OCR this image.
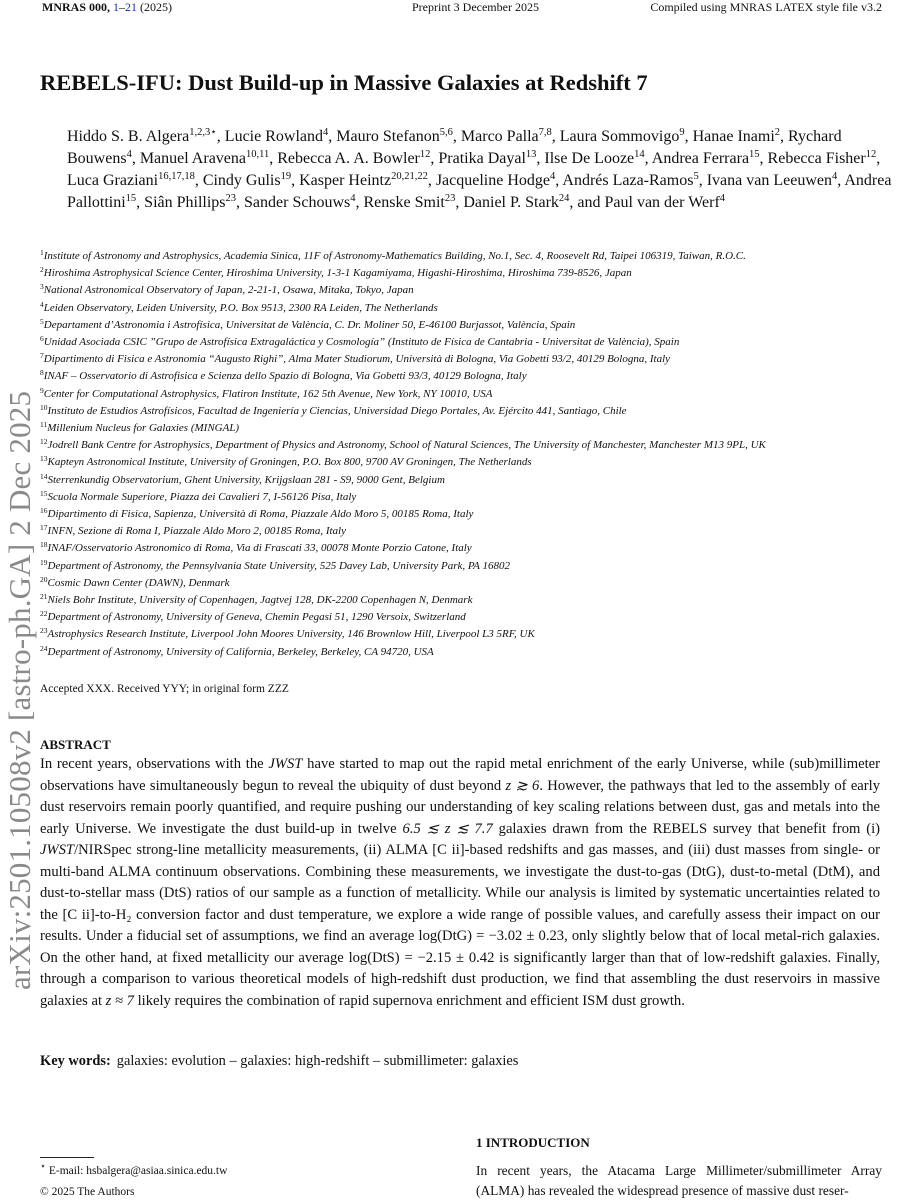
MNRAS 000, 1–21 (2025)	Preprint 3 December 2025	Compiled using MNRAS LATEX style file v3.2
arXiv:2501.10508v2 [astro-ph.GA] 2 Dec 2025
REBELS-IFU: Dust Build-up in Massive Galaxies at Redshift 7
Hiddo S. B. Algera$^{1,2,3⋆}$, Lucie Rowland$^4$, Mauro Stefanon$^{5,6}$, Marco Palla$^{7,8}$, Laura Sommovigo$^9$, Hanae Inami$^2$, Rychard Bouwens$^4$, Manuel Aravena$^{10,11}$, Rebecca A. A. Bowler$^{12}$, Pratika Dayal$^{13}$, Ilse De Looze$^{14}$, Andrea Ferrara$^{15}$, Rebecca Fisher$^{12}$, Luca Graziani$^{16,17,18}$, Cindy Gulis$^{19}$, Kasper Heintz$^{20,21,22}$, Jacqueline Hodge$^4$, Andrés Laza-Ramos$^5$, Ivana van Leeuwen$^4$, Andrea Pallottini$^{15}$, Siân Phillips$^{23}$, Sander Schouws$^4$, Renske Smit$^{23}$, Daniel P. Stark$^{24}$, and Paul van der Werf$^4$
$^1$Institute of Astronomy and Astrophysics, Academia Sinica, 11F of Astronomy-Mathematics Building, No.1, Sec. 4, Roosevelt Rd, Taipei 106319, Taiwan, R.O.C.
$^2$Hiroshima Astrophysical Science Center, Hiroshima University, 1-3-1 Kagamiyama, Higashi-Hiroshima, Hiroshima 739-8526, Japan
$^3$National Astronomical Observatory of Japan, 2-21-1, Osawa, Mitaka, Tokyo, Japan
$^4$Leiden Observatory, Leiden University, P.O. Box 9513, 2300 RA Leiden, The Netherlands
$^5$Departament d’Astronomia i Astrofísica, Universitat de València, C. Dr. Moliner 50, E-46100 Burjassot, València, Spain
$^6$Unidad Asociada CSIC ”Grupo de Astrofísica Extragaláctica y Cosmología” (Instituto de Física de Cantabria - Universitat de València), Spain
$^7$Dipartimento di Fisica e Astronomia “Augusto Righi”, Alma Mater Studiorum, Università di Bologna, Via Gobetti 93/2, 40129 Bologna, Italy
$^8$INAF – Osservatorio di Astrofisica e Scienza dello Spazio di Bologna, Via Gobetti 93/3, 40129 Bologna, Italy
$^9$Center for Computational Astrophysics, Flatiron Institute, 162 5th Avenue, New York, NY 10010, USA
$^{10}$Instituto de Estudios Astrofísicos, Facultad de Ingeniería y Ciencias, Universidad Diego Portales, Av. Ejército 441, Santiago, Chile
$^{11}$Millenium Nucleus for Galaxies (MINGAL)
$^{12}$Jodrell Bank Centre for Astrophysics, Department of Physics and Astronomy, School of Natural Sciences, The University of Manchester, Manchester M13 9PL, UK
$^{13}$Kapteyn Astronomical Institute, University of Groningen, P.O. Box 800, 9700 AV Groningen, The Netherlands
$^{14}$Sterrenkundig Observatorium, Ghent University, Krijgslaan 281 - S9, 9000 Gent, Belgium
$^{15}$Scuola Normale Superiore, Piazza dei Cavalieri 7, I-56126 Pisa, Italy
$^{16}$Dipartimento di Fisica, Sapienza, Università di Roma, Piazzale Aldo Moro 5, 00185 Roma, Italy
$^{17}$INFN, Sezione di Roma I, Piazzale Aldo Moro 2, 00185 Roma, Italy
$^{18}$INAF/Osservatorio Astronomico di Roma, Via di Frascati 33, 00078 Monte Porzio Catone, Italy
$^{19}$Department of Astronomy, the Pennsylvania State University, 525 Davey Lab, University Park, PA 16802
$^{20}$Cosmic Dawn Center (DAWN), Denmark
$^{21}$Niels Bohr Institute, University of Copenhagen, Jagtvej 128, DK-2200 Copenhagen N, Denmark
$^{22}$Department of Astronomy, University of Geneva, Chemin Pegasi 51, 1290 Versoix, Switzerland
$^{23}$Astrophysics Research Institute, Liverpool John Moores University, 146 Brownlow Hill, Liverpool L3 5RF, UK
$^{24}$Department of Astronomy, University of California, Berkeley, Berkeley, CA 94720, USA
Accepted XXX. Received YYY; in original form ZZZ
ABSTRACT

In recent years, observations with the JWST have started to map out the rapid metal enrichment of the early Universe, while (sub)millimeter observations have simultaneously begun to reveal the ubiquity of dust beyond z ≳ 6. However, the pathways that led to the assembly of early dust reservoirs remain poorly quantified, and require pushing our understanding of key scaling relations between dust, gas and metals into the early Universe. We investigate the dust build-up in twelve 6.5 ≲ z ≲ 7.7 galaxies drawn from the REBELS survey that benefit from (i) JWST/NIRSpec strong-line metallicity measurements, (ii) ALMA [C ii]-based redshifts and gas masses, and (iii) dust masses from single- or multi-band ALMA continuum observations. Combining these measurements, we investigate the dust-to-gas (DtG), dust-to-metal (DtM), and dust-to-stellar mass (DtS) ratios of our sample as a function of metallicity. While our analysis is limited by systematic uncertainties related to the [C ii]-to-H₂ conversion factor and dust temperature, we explore a wide range of possible values, and carefully assess their impact on our results. Under a fiducial set of assumptions, we find an average log(DtG) = −3.02 ± 0.23, only slightly below that of local metal-rich galaxies. On the other hand, at fixed metallicity our average log(DtS) = −2.15 ± 0.42 is significantly larger than that of low-redshift galaxies. Finally, through a comparison to various theoretical models of high-redshift dust production, we find that assembling the dust reservoirs in massive galaxies at z ≈ 7 likely requires the combination of rapid supernova enrichment and efficient ISM dust growth.

Key words: galaxies: evolution – galaxies: high-redshift – submillimeter: galaxies
1 INTRODUCTION

In recent years, the Atacama Large Millimeter/submillimeter Array (ALMA) has revealed the widespread presence of massive dust reser-

⋆ E-mail: hsbalgera@asiaa.sinica.edu.tw
© 2025 The Authors
